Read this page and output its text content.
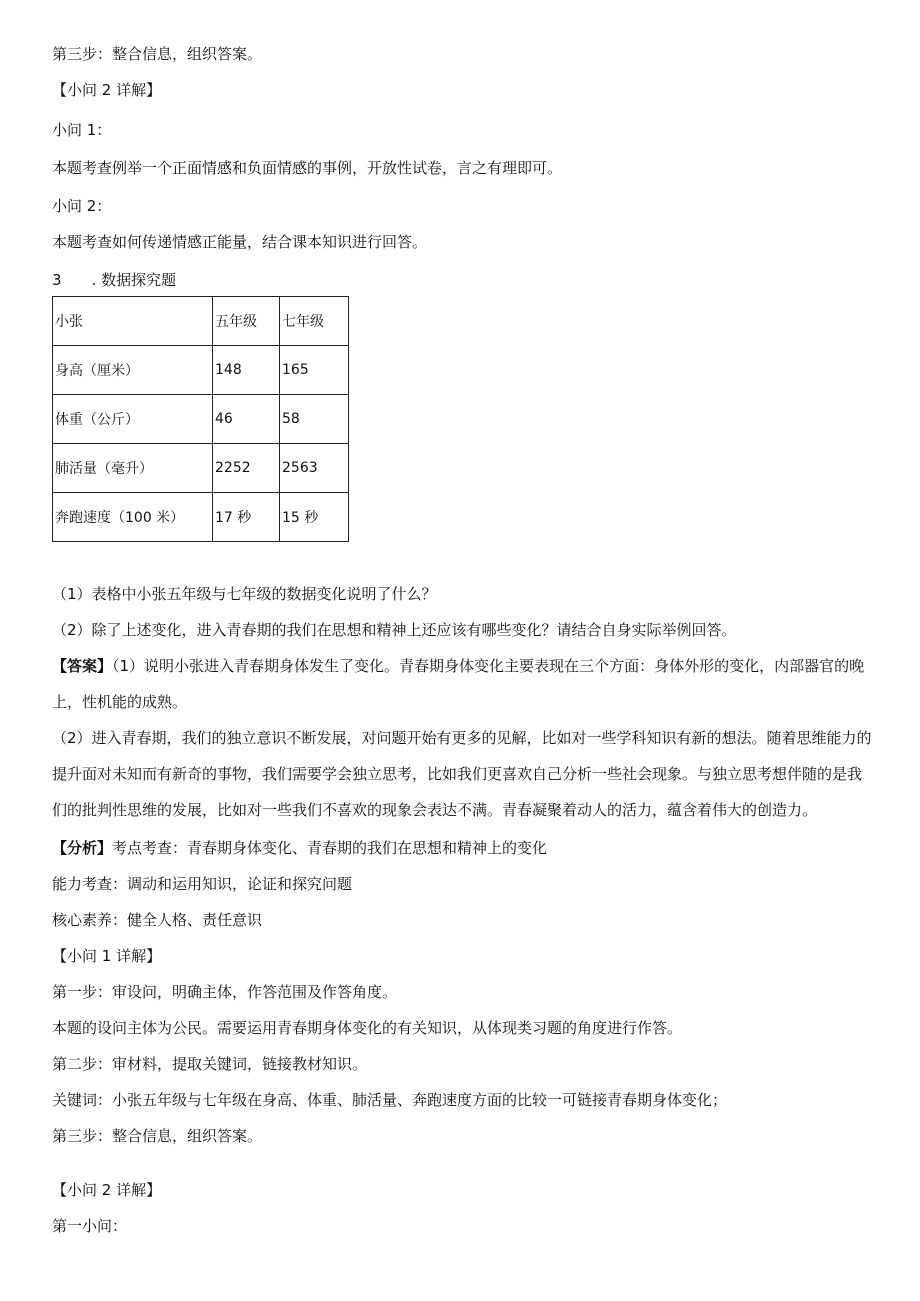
第三步：整合信息，组织答案。
【小问 2 详解】
小问 1：
本题考查例举一个正面情感和负面情感的事例，开放性试卷，言之有理即可。
小问 2：
本题考查如何传递情感正能量，结合课本知识进行回答。
3 . 数据探究题
小张	五年级	七年级
身高（厘米）	148	165
体重（公斤）	46	58
肺活量（毫升）	2252	2563
奔跑速度（100 米）	17 秒	15 秒
（1）表格中小张五年级与七年级的数据变化说明了什么？
（2）除了上述变化，进入青春期的我们在思想和精神上还应该有哪些变化？请结合自身实际举例回答。
【答案】（1）说明小张进入青春期身体发生了变化。青春期身体变化主要表现在三个方面：身体外形的变化，内部器官的晚上，性机能的成熟。
（2）进入青春期，我们的独立意识不断发展，对问题开始有更多的见解，比如对一些学科知识有新的想法。随着思维能力的提升面对未知而有新奇的事物，我们需要学会独立思考，比如我们更喜欢自己分析一些社会现象。与独立思考想伴随的是我们的批判性思维的发展，比如对一些我们不喜欢的现象会表达不满。青春凝聚着动人的活力，蕴含着伟大的创造力。
【分析】考点考查：青春期身体变化、青春期的我们在思想和精神上的变化
能力考查：调动和运用知识，论证和探究问题
核心素养：健全人格、责任意识
【小问 1 详解】
第一步：审设问，明确主体，作答范围及作答角度。
本题的设问主体为公民。需要运用青春期身体变化的有关知识，从体现类习题的角度进行作答。
第二步：审材料，提取关键词，链接教材知识。
关键词：小张五年级与七年级在身高、体重、肺活量、奔跑速度方面的比较一可链接青春期身体变化；
第三步：整合信息，组织答案。
【小问 2 详解】
第一小问：
